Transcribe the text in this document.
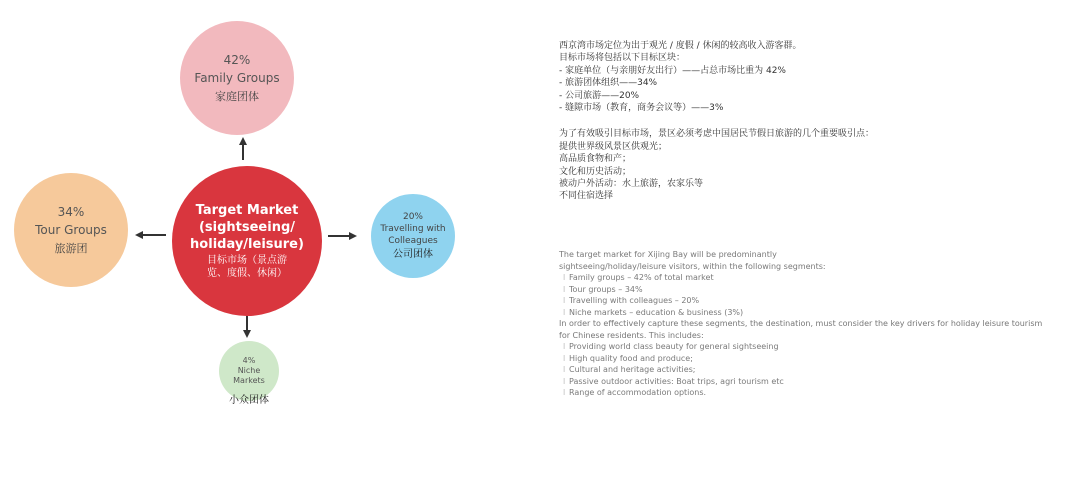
42%
Family Groups
家庭团体
34%
Tour Groups
旅游团
Target Market (sightseeing/ holiday/leisure)
目标市场（景点游览、度假、休闲）
20%
Travelling with Colleagues
公司团体
4%
Niche Markets
小众团体
西京湾市场定位为出于观光 / 度假 / 休闲的较高收入游客群。
目标市场将包括以下目标区块：
- 家庭单位（与亲朋好友出行）——占总市场比重为 42%
- 旅游团体组织——34%
- 公司旅游——20%
- 缝隙市场（教育，商务会议等）——3%
为了有效吸引目标市场，景区必须考虑中国居民节假日旅游的几个重要吸引点：
提供世界级风景区供观光；
高品质食物和产；
文化和历史活动；
被动户外活动：水上旅游，农家乐等
不同住宿选择
The target market for Xijing Bay will be predominantly
sightseeing/holiday/leisure visitors, within the following segments:
l Family groups – 42% of total market
l Tour groups – 34%
l Travelling with colleagues – 20%
l Niche markets – education & business (3%)
In order to effectively capture these segments, the destination, must consider the key drivers for holiday leisure tourism
for Chinese residents. This includes:
l Providing world class beauty for general sightseeing
l High quality food and produce;
l Cultural and heritage activities;
l Passive outdoor activities: Boat trips, agri tourism etc
l Range of accommodation options.
